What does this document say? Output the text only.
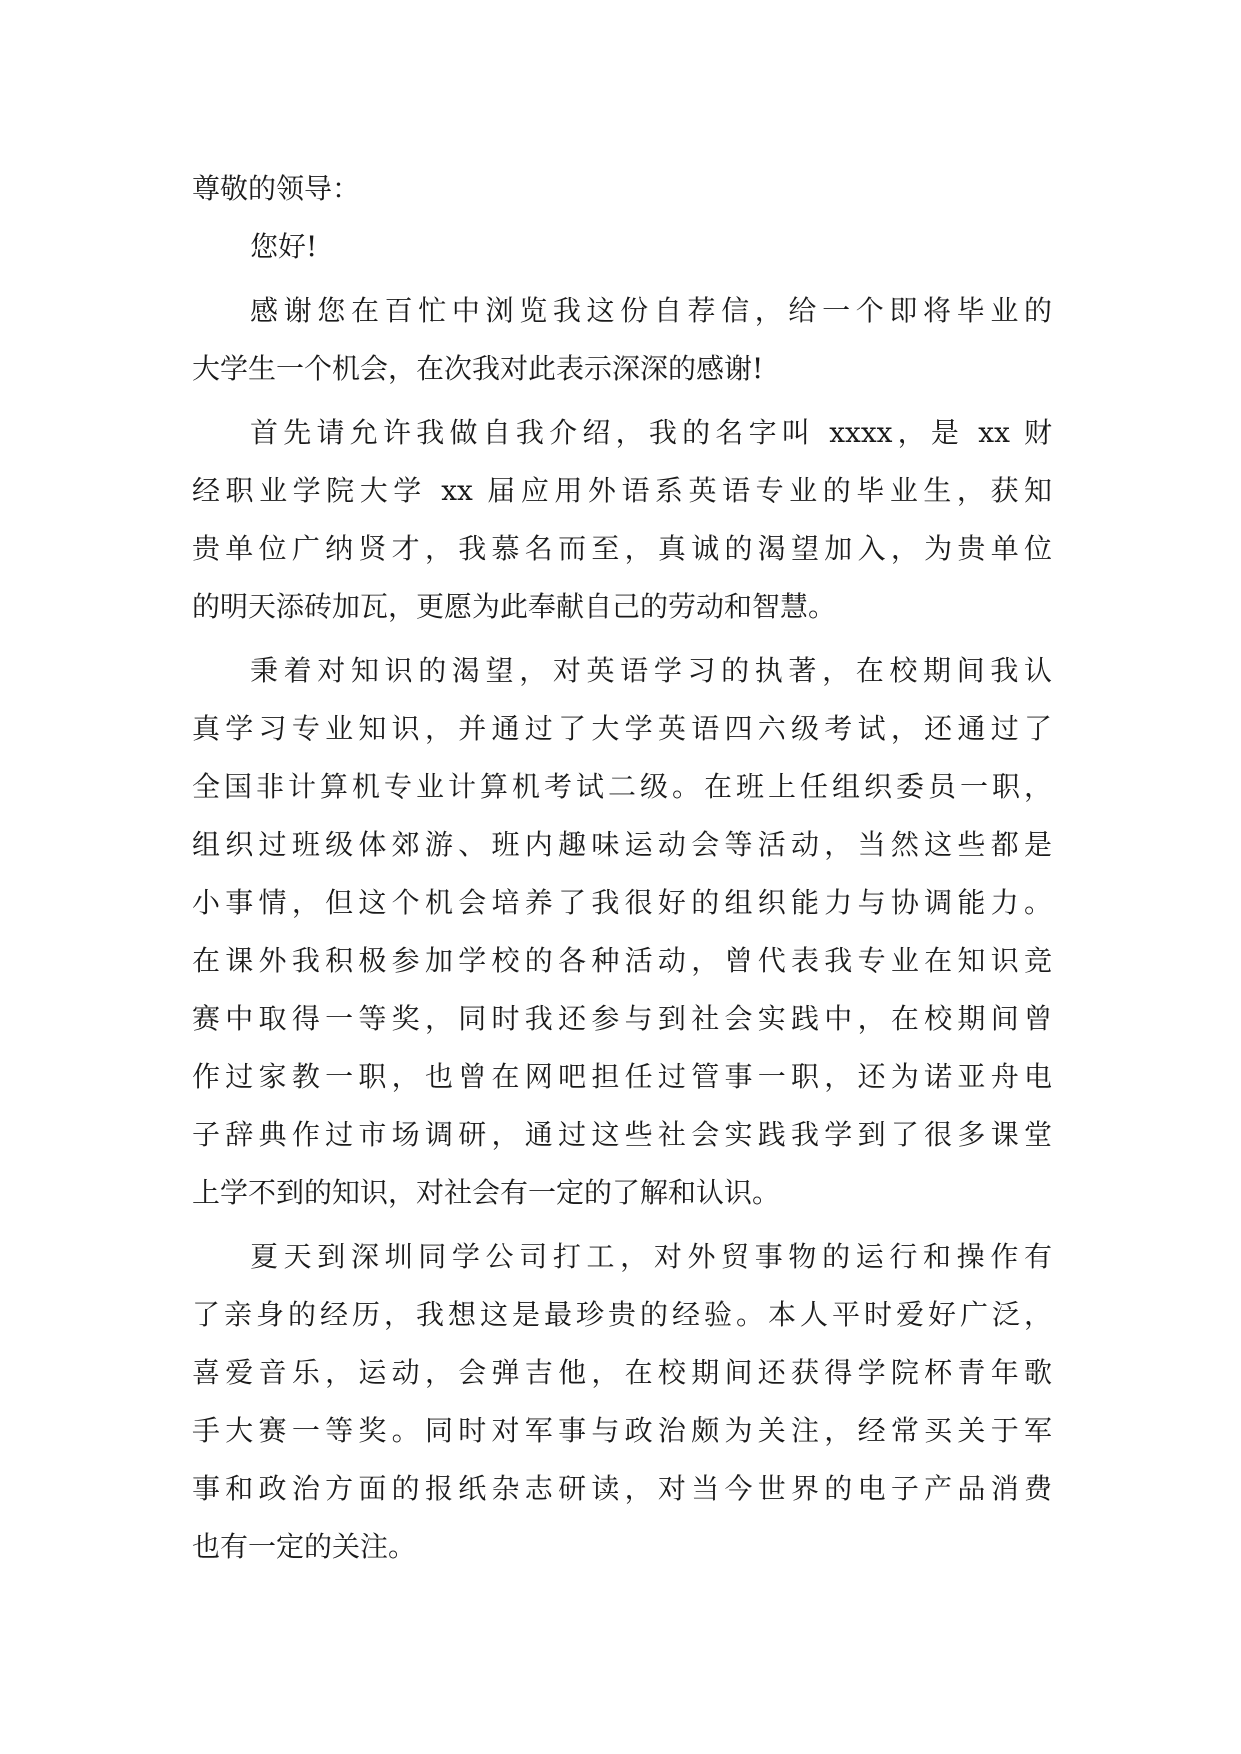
尊敬的领导：
您好!
感谢您在百忙中浏览我这份自荐信，给一个即将毕业的
大学生一个机会，在次我对此表示深深的感谢!
首先请允许我做自我介绍，我的名字叫 xxxx，是 xx 财
经职业学院大学 xx 届应用外语系英语专业的毕业生，获知
贵单位广纳贤才，我慕名而至，真诚的渴望加入，为贵单位
的明天添砖加瓦，更愿为此奉献自己的劳动和智慧。
秉着对知识的渴望，对英语学习的执著，在校期间我认
真学习专业知识，并通过了大学英语四六级考试，还通过了
全国非计算机专业计算机考试二级。在班上任组织委员一职，
组织过班级体郊游、班内趣味运动会等活动，当然这些都是
小事情，但这个机会培养了我很好的组织能力与协调能力。
在课外我积极参加学校的各种活动，曾代表我专业在知识竞
赛中取得一等奖，同时我还参与到社会实践中，在校期间曾
作过家教一职，也曾在网吧担任过管事一职，还为诺亚舟电
子辞典作过市场调研，通过这些社会实践我学到了很多课堂
上学不到的知识，对社会有一定的了解和认识。
夏天到深圳同学公司打工，对外贸事物的运行和操作有
了亲身的经历，我想这是最珍贵的经验。本人平时爱好广泛，
喜爱音乐，运动，会弹吉他，在校期间还获得学院杯青年歌
手大赛一等奖。同时对军事与政治颇为关注，经常买关于军
事和政治方面的报纸杂志研读，对当今世界的电子产品消费
也有一定的关注。
